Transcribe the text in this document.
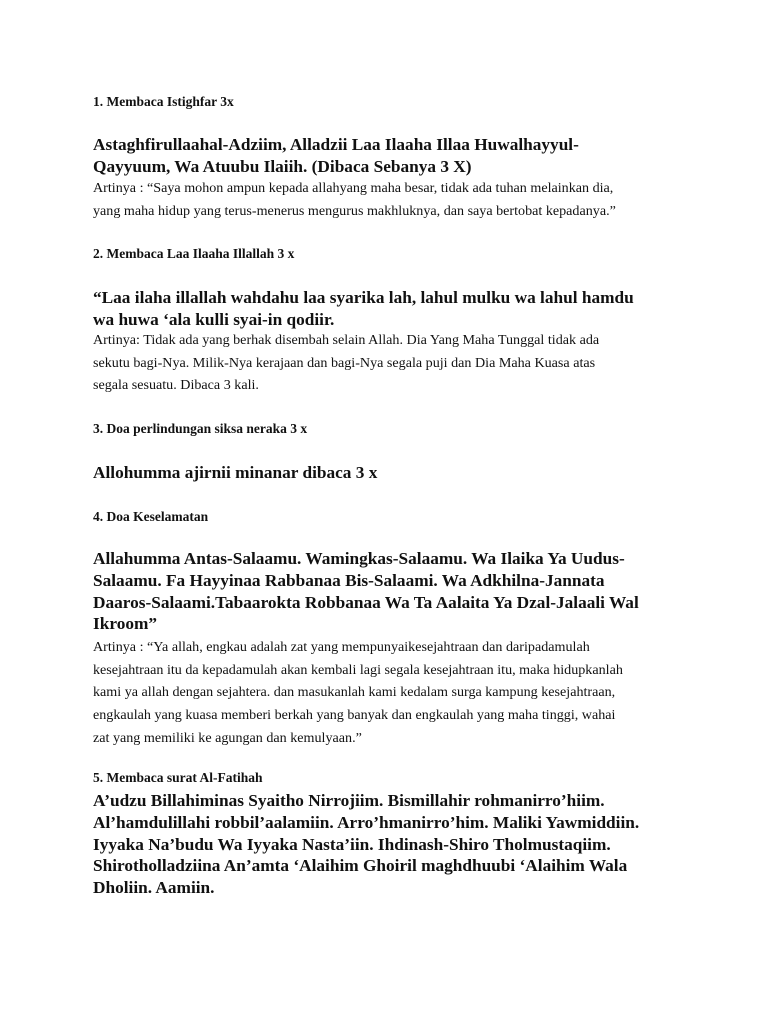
1. Membaca Istighfar 3x
Astaghfirullaahal-Adziim, Alladzii Laa Ilaaha Illaa Huwalhayyul-
Qayyuum, Wa Atuubu Ilaiih. (Dibaca Sebanya 3 X)
Artinya : “Saya mohon ampun kepada allahyang maha besar, tidak ada tuhan melainkan dia,
yang maha hidup yang terus-menerus mengurus makhluknya, dan saya bertobat kepadanya.”
2. Membaca Laa Ilaaha Illallah 3 x
“Laa ilaha illallah wahdahu laa syarika lah, lahul mulku wa lahul hamdu
wa huwa ‘ala kulli syai-in qodiir.
Artinya: Tidak ada yang berhak disembah selain Allah. Dia Yang Maha Tunggal tidak ada
sekutu bagi-Nya. Milik-Nya kerajaan dan bagi-Nya segala puji dan Dia Maha Kuasa atas
segala sesuatu. Dibaca 3 kali.
3. Doa perlindungan siksa neraka 3 x
Allohumma ajirnii minanar dibaca 3 x
4. Doa Keselamatan
Allahumma Antas-Salaamu. Wamingkas-Salaamu. Wa Ilaika Ya Uudus-
Salaamu. Fa Hayyinaa Rabbanaa Bis-Salaami. Wa Adkhilna-Jannata
Daaros-Salaami.Tabaarokta Robbanaa Wa Ta Aalaita Ya Dzal-Jalaali Wal
Ikroom”
Artinya : “Ya allah, engkau adalah zat yang mempunyaikesejahtraan dan daripadamulah
kesejahtraan itu da kepadamulah akan kembali lagi segala kesejahtraan itu, maka hidupkanlah
kami ya allah dengan sejahtera. dan masukanlah kami kedalam surga kampung kesejahtraan,
engkaulah yang kuasa memberi berkah yang banyak dan engkaulah yang maha tinggi, wahai
zat yang memiliki ke agungan dan kemulyaan.”
5. Membaca surat Al-Fatihah
A’udzu Billahiminas Syaitho Nirrojiim. Bismillahir rohmanirro’hiim.
Al’hamdulillahi robbil’aalamiin. Arro’hmanirro’him. Maliki Yawmiddiin.
Iyyaka Na’budu Wa Iyyaka Nasta’iin. Ihdinash-Shiro Tholmustaqiim.
Shirotholladziina An’amta ‘Alaihim Ghoiril maghdhuubi ‘Alaihim Wala
Dholiin. Aamiin.
